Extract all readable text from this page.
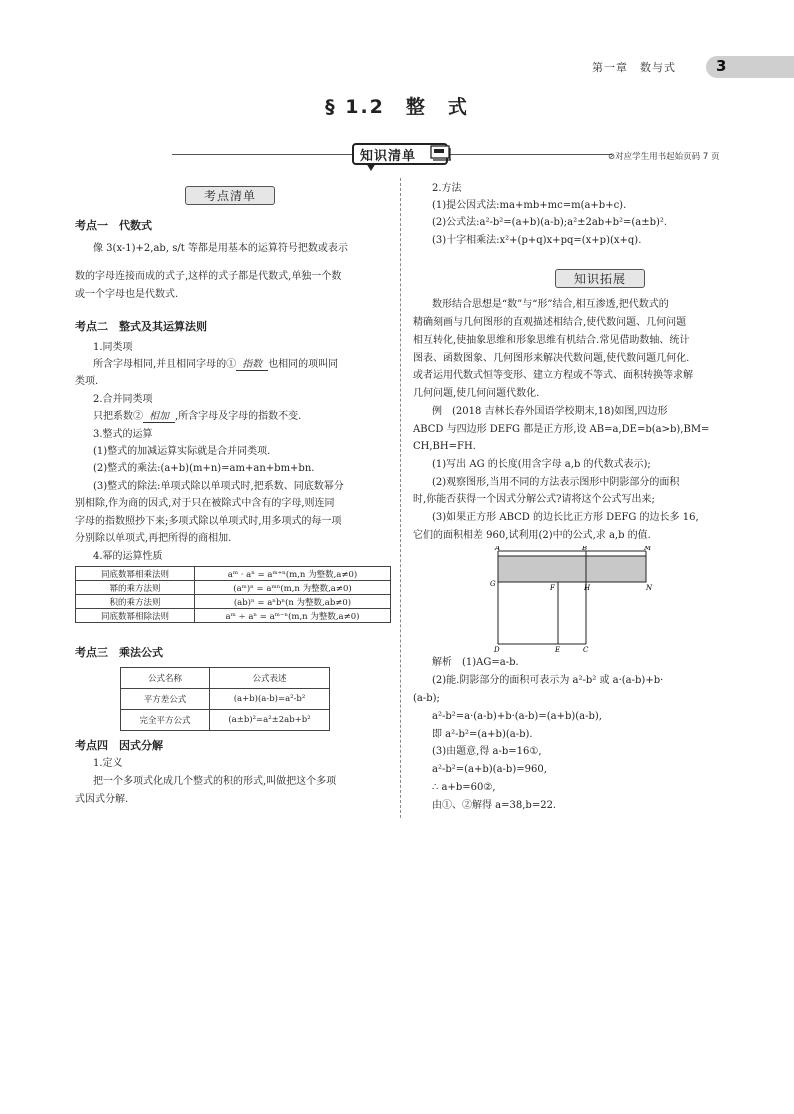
第一章　数与式	3
§ 1.2　整　式
知识清单	⊘对应学生用书起始页码 7 页
考点清单
考点一　代数式
像 3(x-1)+2,ab, s/t 等都是用基本的运算符号把数或表示
数的字母连接而成的式子,这样的式子都是代数式,单独一个数
或一个字母也是代数式.
考点二　整式及其运算法则
1.同类项
所含字母相同,并且相同字母的① 指数 也相同的项叫同
类项.
2.合并同类项
只把系数② 相加 ,所含字母及字母的指数不变.
3.整式的运算
(1)整式的加减运算实际就是合并同类项.
(2)整式的乘法:(a+b)(m+n)=am+an+bm+bn.
(3)整式的除法:单项式除以单项式时,把系数、同底数幂分
别相除,作为商的因式,对于只在被除式中含有的字母,则连同
字母的指数照抄下来;多项式除以单项式时,用多项式的每一项
分别除以单项式,再把所得的商相加.
4.幂的运算性质
同底数幂相乘法则	aᵐ · aⁿ = aᵐ⁺ⁿ(m,n 为整数,a≠0)
幂的乘方法则	(aᵐ)ⁿ = aᵐⁿ(m,n 为整数,a≠0)
积的乘方法则	(ab)ⁿ = aⁿbⁿ(n 为整数,ab≠0)
同底数幂相除法则	aᵐ ÷ aⁿ = aᵐ⁻ⁿ(m,n 为整数,a≠0)
考点三　乘法公式
公式名称	公式表述
平方差公式	(a+b)(a-b)=a²-b²
完全平方公式	(a±b)²=a²±2ab+b²
考点四　因式分解
1.定义
把一个多项式化成几个整式的积的形式,叫做把这个多项
式因式分解.
2.方法
(1)提公因式法:ma+mb+mc=m(a+b+c).
(2)公式法:a²-b²=(a+b)(a-b);a²±2ab+b²=(a±b)².
(3)十字相乘法:x²+(p+q)x+pq=(x+p)(x+q).
知识拓展
数形结合思想是“数”与“形”结合,相互渗透,把代数式的
精确刻画与几何图形的直观描述相结合,使代数问题、几何问题
相互转化,使抽象思维和形象思维有机结合.常见借助数轴、统计
图表、函数图象、几何图形来解决代数问题,使代数问题几何化.
或者运用代数式恒等变形、建立方程或不等式、面积转换等求解
几何问题,使几何问题代数化.
例　(2018 吉林长春外国语学校期末,18)如图,四边形
ABCD 与四边形 DEFG 都是正方形,设 AB=a,DE=b(a>b),BM=
CH,BH=FH.
(1)写出 AG 的长度(用含字母 a,b 的代数式表示);
(2)观察图形,当用不同的方法表示图形中阴影部分的面积
时,你能否获得一个因式分解公式?请将这个公式写出来;
(3)如果正方形 ABCD 的边长比正方形 DEFG 的边长多 16,
它们的面积相差 960,试利用(2)中的公式,求 a,b 的值.
A	B	M
G	F	H	N
D	E	C
解析　(1)AG=a-b.
(2)能.阴影部分的面积可表示为 a²-b² 或 a·(a-b)+b·
(a-b);
a²-b²=a·(a-b)+b·(a-b)=(a+b)(a-b),
即 a²-b²=(a+b)(a-b).
(3)由题意,得 a-b=16①,
a²-b²=(a+b)(a-b)=960,
∴ a+b=60②,
由①、②解得 a=38,b=22.
